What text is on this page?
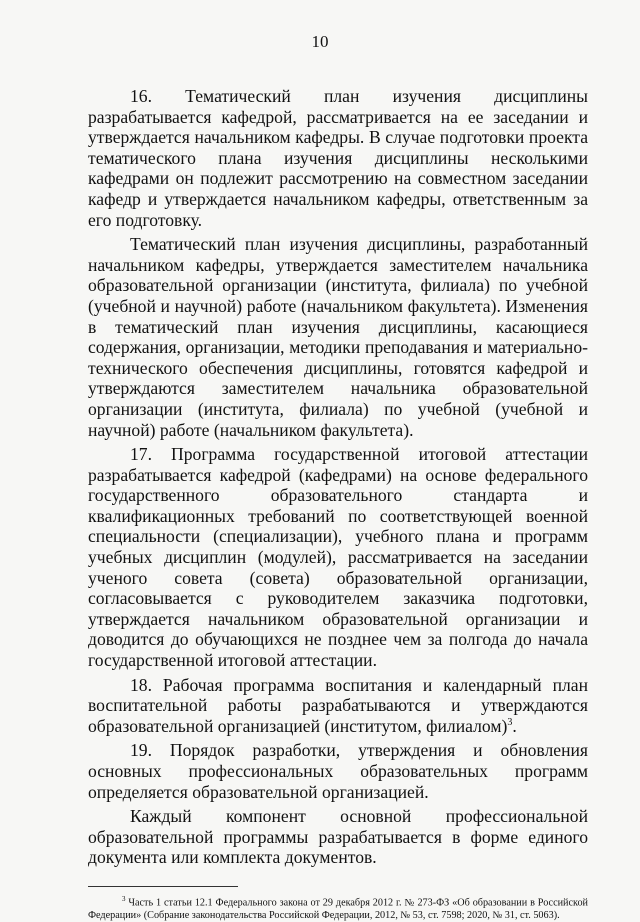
10

16. Тематический план изучения дисциплины разрабатывается кафедрой, рассматривается на ее заседании и утверждается начальником кафедры. В случае подготовки проекта тематического плана изучения дисциплины несколькими кафедрами он подлежит рассмотрению на совместном заседании кафедр и утверждается начальником кафедры, ответственным за его подготовку.

Тематический план изучения дисциплины, разработанный начальником кафедры, утверждается заместителем начальника образовательной организации (института, филиала) по учебной (учебной и научной) работе (начальником факультета). Изменения в тематический план изучения дисциплины, касающиеся содержания, организации, методики преподавания и материально-технического обеспечения дисциплины, готовятся кафедрой и утверждаются заместителем начальника образовательной организации (института, филиала) по учебной (учебной и научной) работе (начальником факультета).

17. Программа государственной итоговой аттестации разрабатывается кафедрой (кафедрами) на основе федерального государственного образовательного стандарта и квалификационных требований по соответствующей военной специальности (специализации), учебного плана и программ учебных дисциплин (модулей), рассматривается на заседании ученого совета (совета) образовательной организации, согласовывается с руководителем заказчика подготовки, утверждается начальником образовательной организации и доводится до обучающихся не позднее чем за полгода до начала государственной итоговой аттестации.

18. Рабочая программа воспитания и календарный план воспитательной работы разрабатываются и утверждаются образовательной организацией (институтом, филиалом)$^3$.

19. Порядок разработки, утверждения и обновления основных профессиональных образовательных программ определяется образовательной организацией.

Каждый компонент основной профессиональной образовательной программы разрабатывается в форме единого документа или комплекта документов.

$^3$ Часть 1 статьи 12.1 Федерального закона от 29 декабря 2012 г. № 273-ФЗ «Об образовании в Российской Федерации» (Собрание законодательства Российской Федерации, 2012, № 53, ст. 7598; 2020, № 31, ст. 5063).
